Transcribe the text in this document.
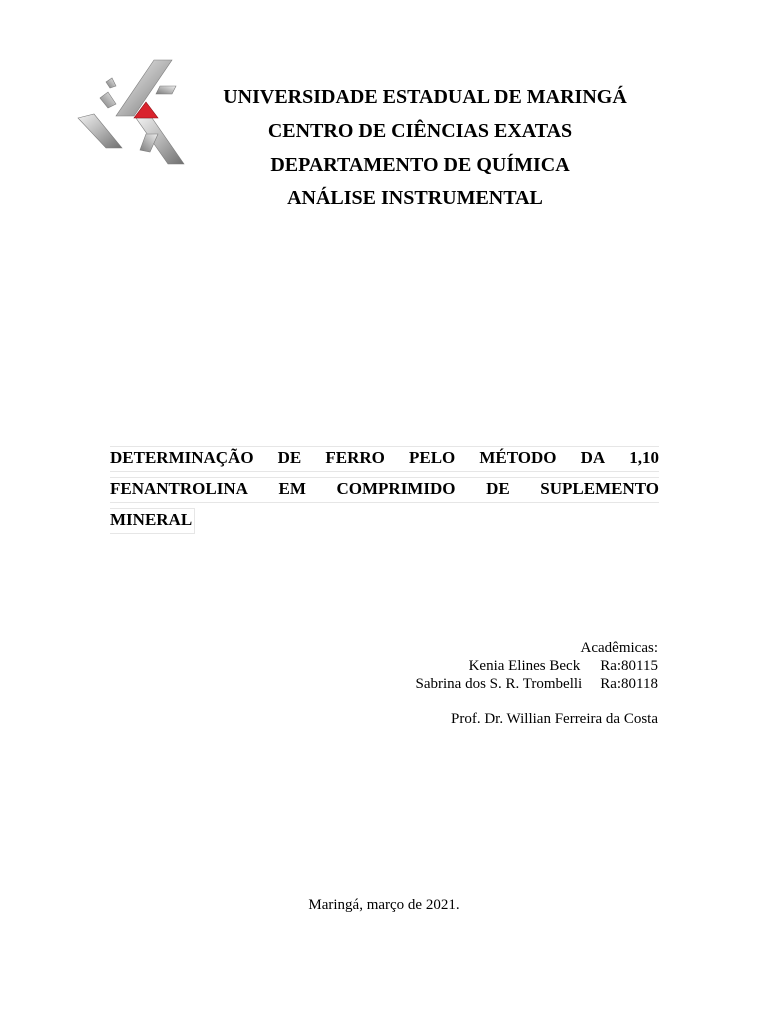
UNIVERSIDADE ESTADUAL DE MARINGÁ
CENTRO DE CIÊNCIAS EXATAS
DEPARTAMENTO DE QUÍMICA
ANÁLISE INSTRUMENTAL
DETERMINAÇÃO DE FERRO PELO MÉTODO DA 1,10
FENANTROLINA EM COMPRIMIDO DE SUPLEMENTO
MINERAL
Acadêmicas:
Kenia Elines Beck Ra:80115
Sabrina dos S. R. Trombelli Ra:80118
Prof. Dr. Willian Ferreira da Costa
Maringá, março de 2021.
